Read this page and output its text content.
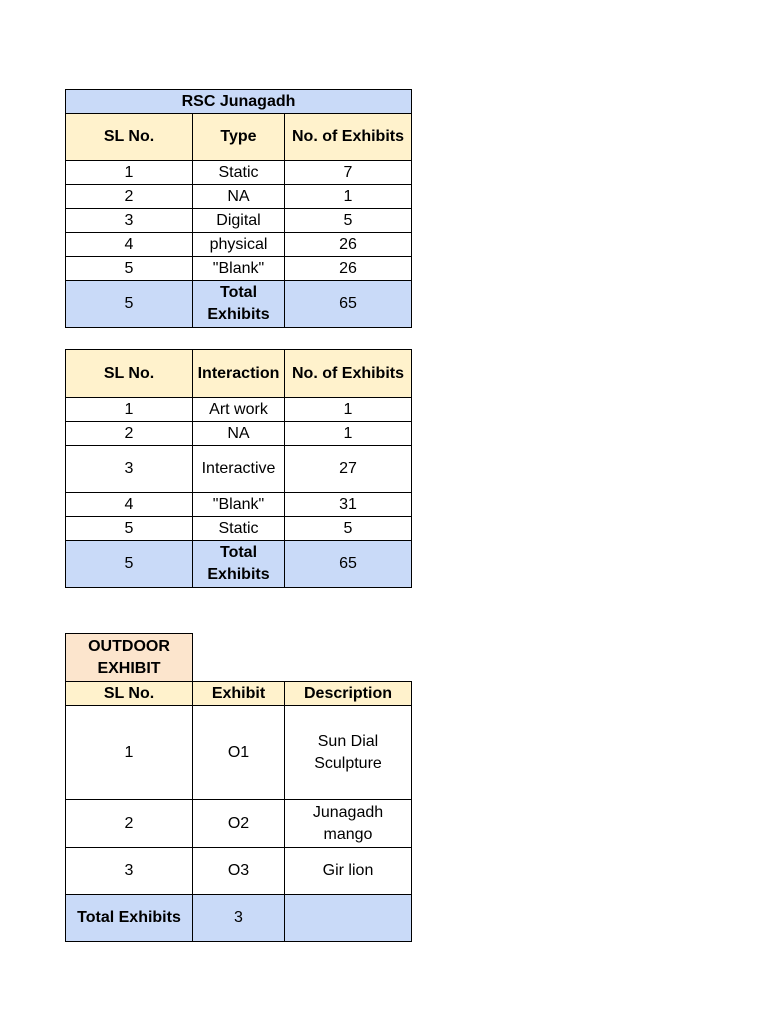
RSC Junagadh		
SL No.	Type	No. of Exhibits
1	Static	7
2	NA	1
3	Digital	5
4	physical	26
5	"Blank"	26
5	Total Exhibits	65
SL No.	Interaction	No. of Exhibits
1	Art work	1
2	NA	1
3	Interactive	27
4	"Blank"	31
5	Static	5
5	Total Exhibits	65
OUTDOOR EXHIBIT		
SL No.	Exhibit	Description
1	O1	Sun Dial Sculpture
2	O2	Junagadh mango
3	O3	Gir lion
Total Exhibits	3	
